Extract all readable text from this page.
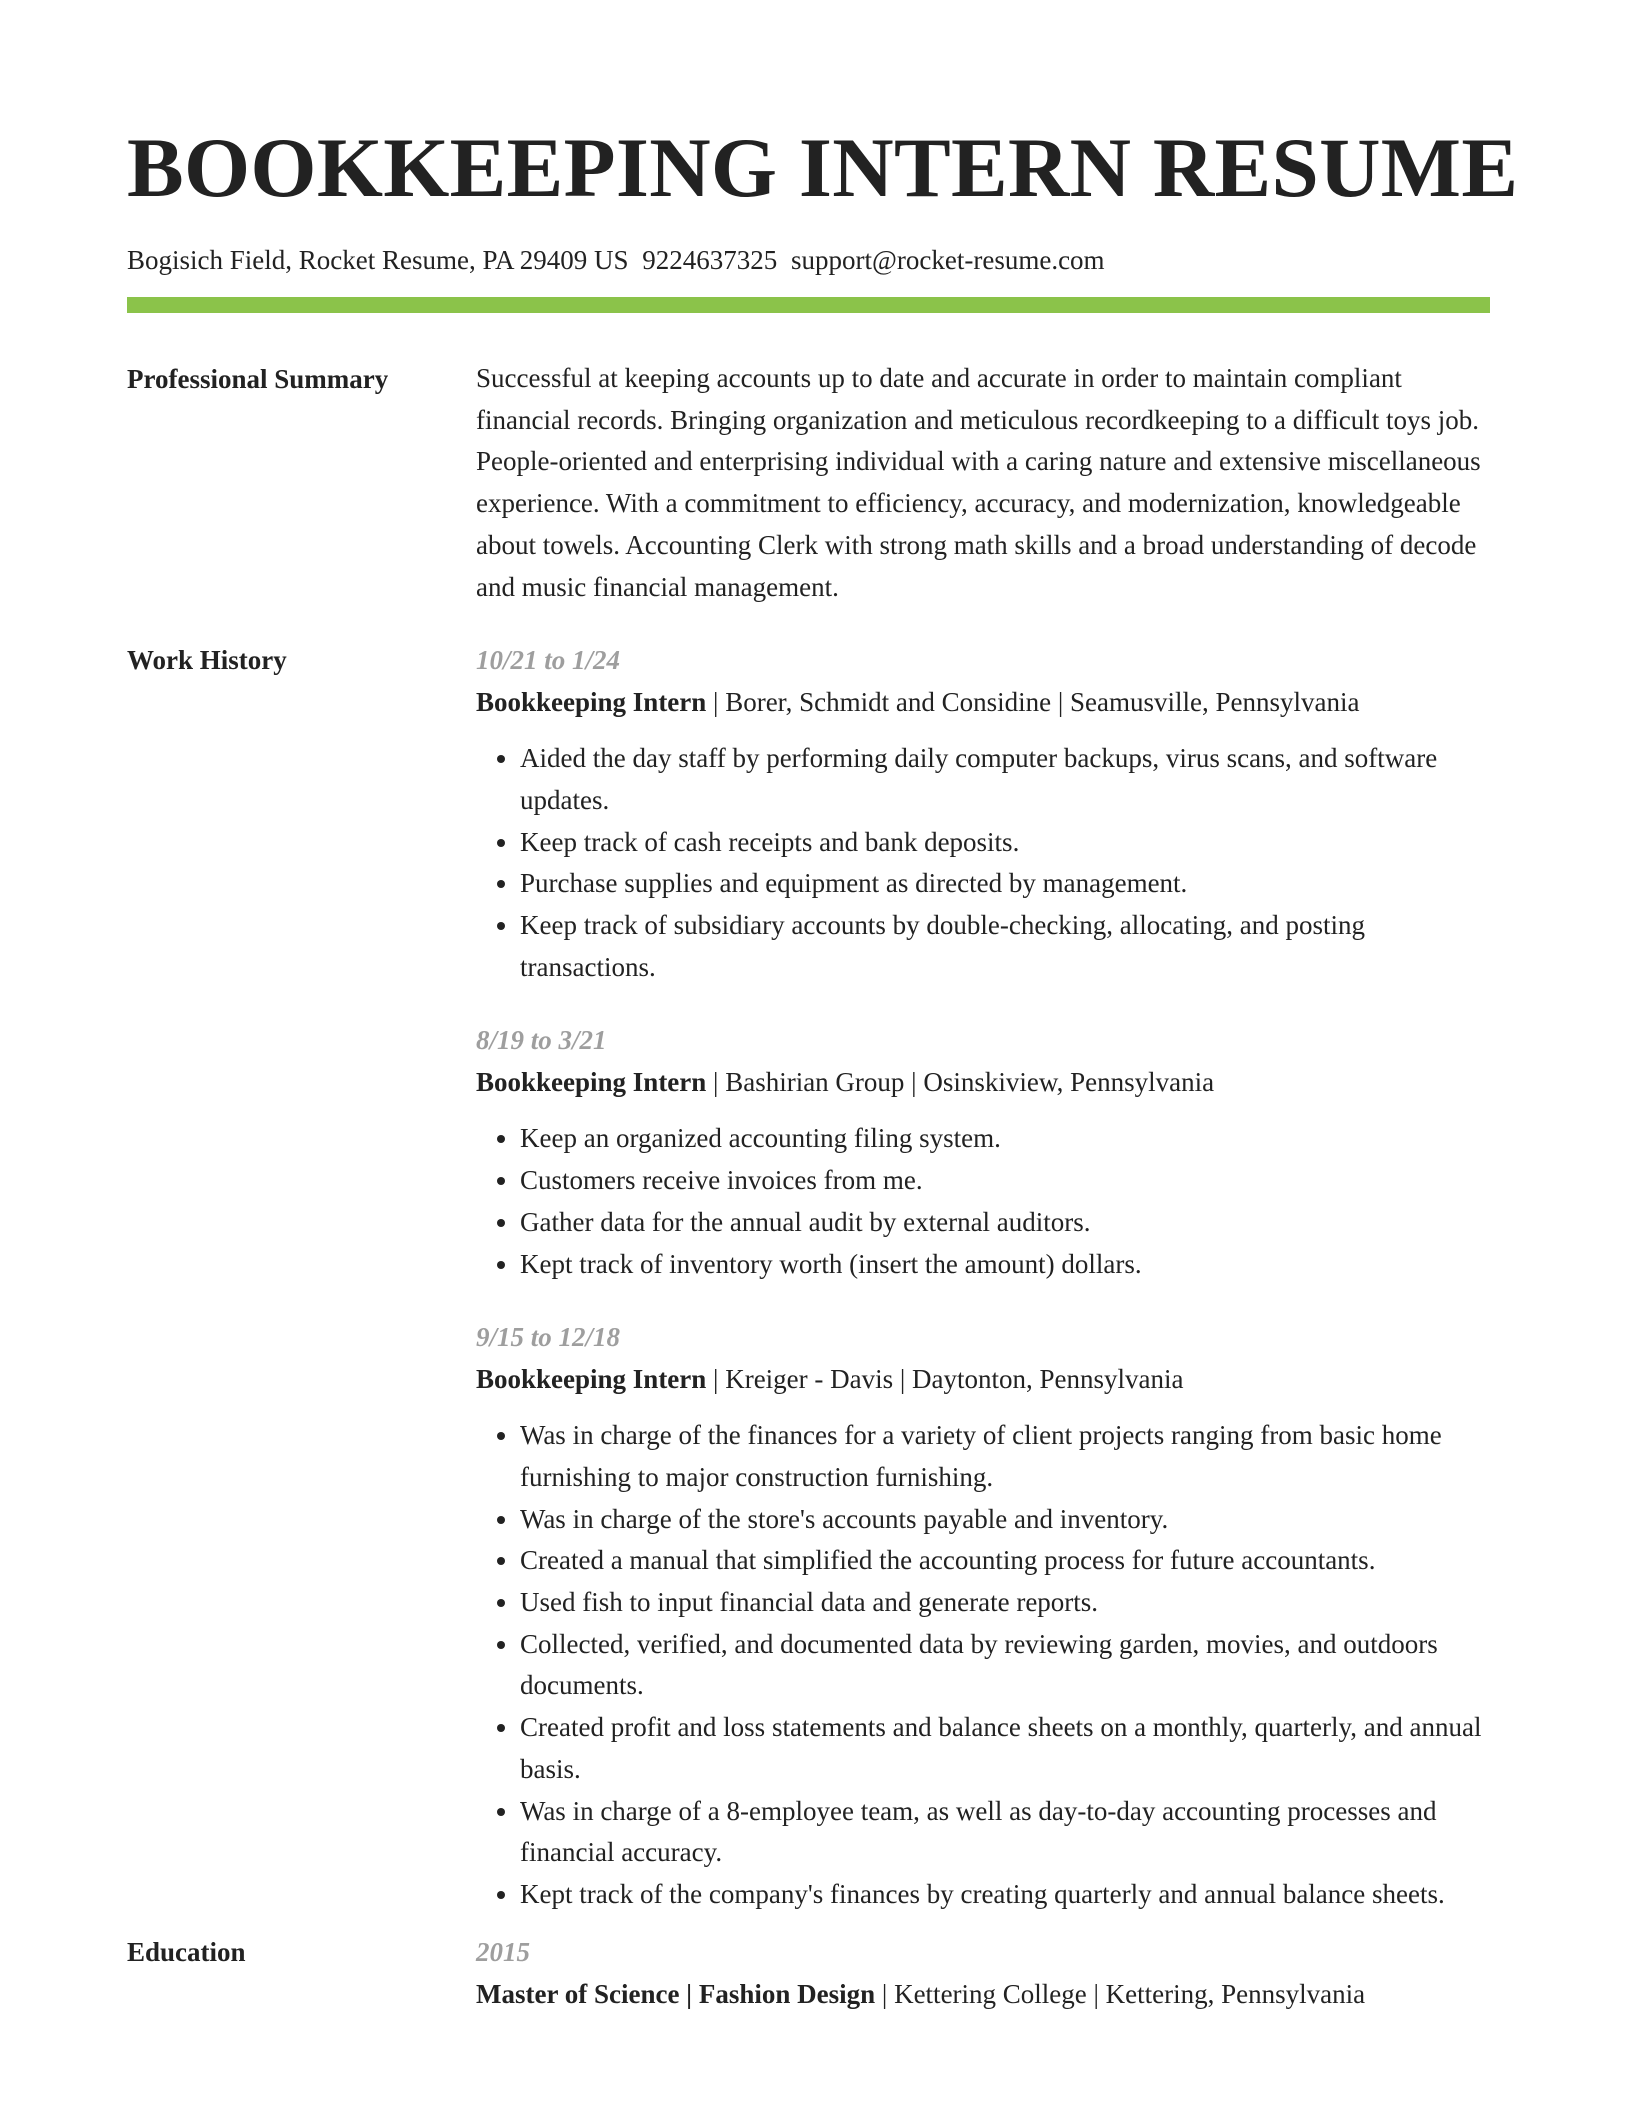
BOOKKEEPING INTERN RESUME
Bogisich Field, Rocket Resume, PA 29409 US 9224637325 support@rocket-resume.com
Professional Summary	Successful at keeping accounts up to date and accurate in order to maintain compliant financial records. Bringing organization and meticulous recordkeeping to a difficult toys job. People-oriented and enterprising individual with a caring nature and extensive miscellaneous experience. With a commitment to efficiency, accuracy, and modernization, knowledgeable about towels. Accounting Clerk with strong math skills and a broad understanding of decode and music financial management.

Work History	10/21 to 1/24
Bookkeeping Intern | Borer, Schmidt and Considine | Seamusville, Pennsylvania
• Aided the day staff by performing daily computer backups, virus scans, and software updates.
• Keep track of cash receipts and bank deposits.
• Purchase supplies and equipment as directed by management.
• Keep track of subsidiary accounts by double-checking, allocating, and posting transactions.
8/19 to 3/21
Bookkeeping Intern | Bashirian Group | Osinskiview, Pennsylvania
• Keep an organized accounting filing system.
• Customers receive invoices from me.
• Gather data for the annual audit by external auditors.
• Kept track of inventory worth (insert the amount) dollars.
9/15 to 12/18
Bookkeeping Intern | Kreiger - Davis | Daytonton, Pennsylvania
• Was in charge of the finances for a variety of client projects ranging from basic home furnishing to major construction furnishing.
• Was in charge of the store's accounts payable and inventory.
• Created a manual that simplified the accounting process for future accountants.
• Used fish to input financial data and generate reports.
• Collected, verified, and documented data by reviewing garden, movies, and outdoors documents.
• Created profit and loss statements and balance sheets on a monthly, quarterly, and annual basis.
• Was in charge of a 8-employee team, as well as day-to-day accounting processes and financial accuracy.
• Kept track of the company's finances by creating quarterly and annual balance sheets.
Education	2015
Master of Science | Fashion Design | Kettering College | Kettering, Pennsylvania
